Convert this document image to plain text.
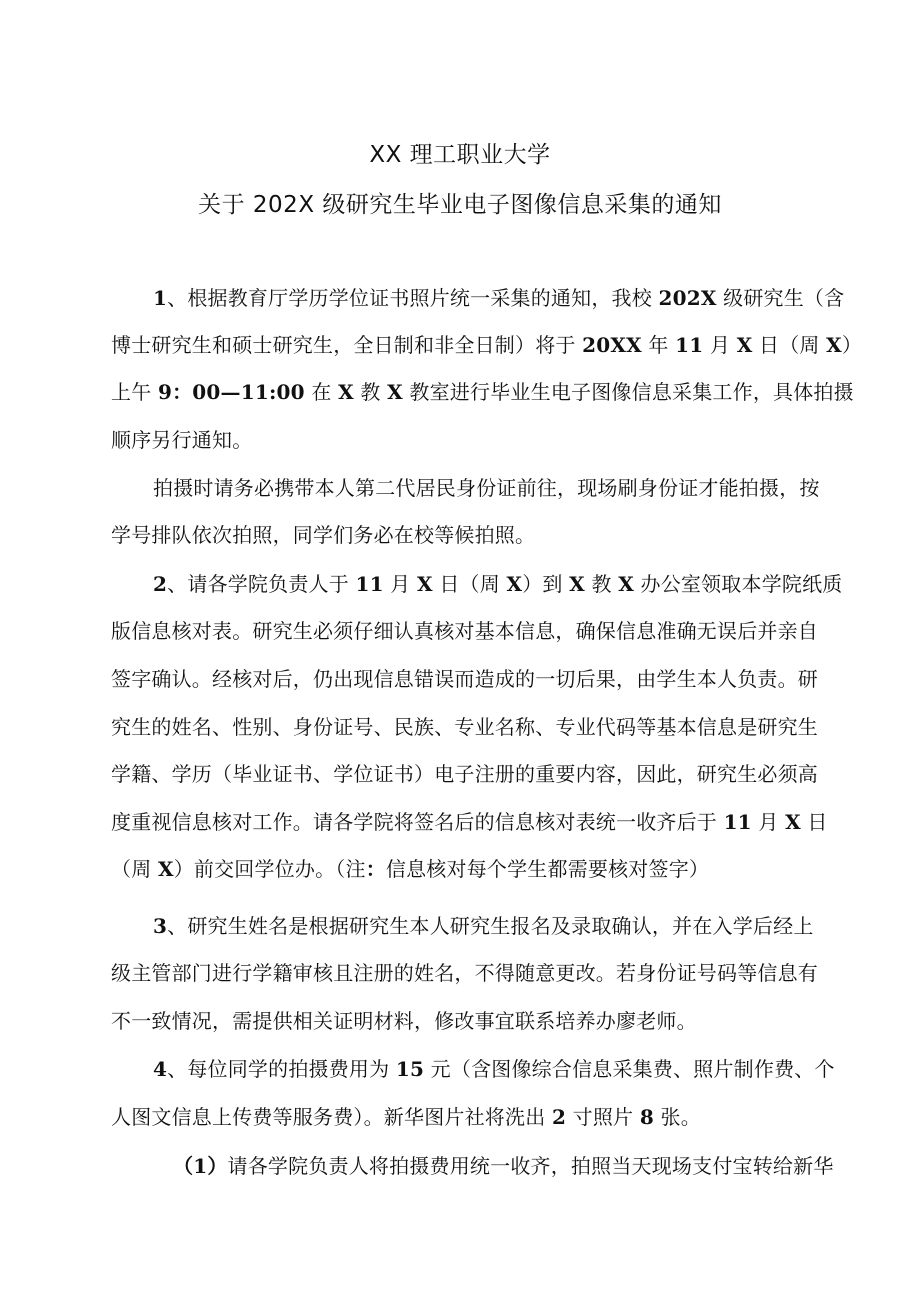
XX 理工职业大学
关于 202X 级研究生毕业电子图像信息采集的通知
1、根据教育厅学历学位证书照片统一采集的通知，我校 202X 级研究生（含
博士研究生和硕士研究生，全日制和非全日制）将于 20XX 年 11 月 X 日（周 X）
上午 9：00—11:00 在 X 教 X 教室进行毕业生电子图像信息采集工作，具体拍摄
顺序另行通知。
拍摄时请务必携带本人第二代居民身份证前往，现场刷身份证才能拍摄，按
学号排队依次拍照，同学们务必在校等候拍照。
2、请各学院负责人于 11 月 X 日（周 X）到 X 教 X 办公室领取本学院纸质
版信息核对表。研究生必须仔细认真核对基本信息，确保信息准确无误后并亲自
签字确认。经核对后，仍出现信息错误而造成的一切后果，由学生本人负责。研
究生的姓名、性别、身份证号、民族、专业名称、专业代码等基本信息是研究生
学籍、学历（毕业证书、学位证书）电子注册的重要内容，因此，研究生必须高
度重视信息核对工作。请各学院将签名后的信息核对表统一收齐后于 11 月 X 日
（周 X）前交回学位办。（注：信息核对每个学生都需要核对签字）
3、研究生姓名是根据研究生本人研究生报名及录取确认，并在入学后经上
级主管部门进行学籍审核且注册的姓名，不得随意更改。若身份证号码等信息有
不一致情况，需提供相关证明材料，修改事宜联系培养办廖老师。
4、每位同学的拍摄费用为 15 元（含图像综合信息采集费、照片制作费、个
人图文信息上传费等服务费）。新华图片社将洗出 2 寸照片 8 张。
（1）请各学院负责人将拍摄费用统一收齐，拍照当天现场支付宝转给新华
